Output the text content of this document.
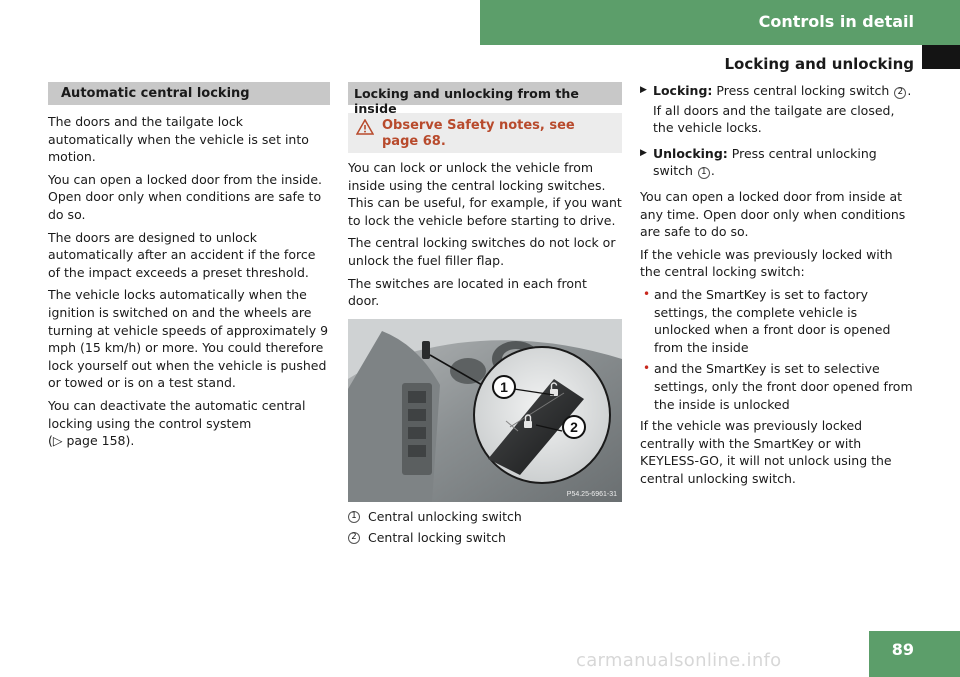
Controls in detail
Locking and unlocking
Automatic central locking

The doors and the tailgate lock automatically when the vehicle is set into motion.

You can open a locked door from the inside. Open door only when conditions are safe to do so.

The doors are designed to unlock automatically after an accident if the force of the impact exceeds a preset threshold.

The vehicle locks automatically when the ignition is switched on and the wheels are turning at vehicle speeds of approximately 9 mph (15 km/h) or more. You could therefore lock yourself out when the vehicle is pushed or towed or is on a test stand.

You can deactivate the automatic central locking using the control system
(▷ page 158).

Locking and unlocking from the inside
Observe Safety notes, see
page 68.

You can lock or unlock the vehicle from inside using the central locking switches. This can be useful, for example, if you want to lock the vehicle before starting to drive.

The central locking switches do not lock or unlock the fuel filler flap.

The switches are located in each front door.

1
2
P54.25-6961-31
1 Central unlocking switch
2 Central locking switch
▶ Locking: Press central locking switch 2 .

If all doors and the tailgate are closed, the vehicle locks.

▶ Unlocking: Press central unlocking switch 1 .

You can open a locked door from inside at any time. Open door only when conditions are safe to do so.

If the vehicle was previously locked with the central locking switch:

• and the SmartKey is set to factory settings, the complete vehicle is unlocked when a front door is opened from the inside
• and the SmartKey is set to selective settings, only the front door opened from the inside is unlocked

If the vehicle was previously locked centrally with the SmartKey or with KEYLESS-GO, it will not unlock using the central unlocking switch.

89
carmanualsonline.info
